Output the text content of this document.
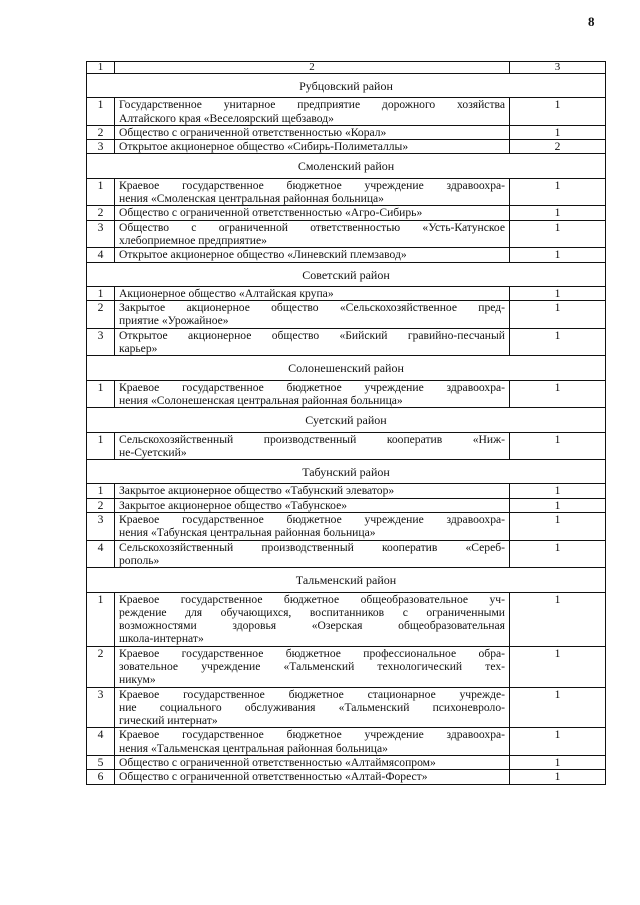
8
1	2	3
Рубцовский район		
1	Государственное унитарное предприятие дорожного хозяйства
Алтайского края «Веселоярский щебзавод»	1
2	Общество с ограниченной ответственностью «Корал»	1
3	Открытое акционерное общество «Сибирь-Полиметаллы»	2
Смоленский район		
1	Краевое государственное бюджетное учреждение здравоохра-
нения «Смоленская центральная районная больница»	1
2	Общество с ограниченной ответственностью «Агро-Сибирь»	1
3	Общество с ограниченной ответственностью «Усть-Катунское
хлебоприемное предприятие»	1
4	Открытое акционерное общество «Линевский племзавод»	1
Советский район		
1	Акционерное общество «Алтайская крупа»	1
2	Закрытое акционерное общество «Сельскохозяйственное пред-
приятие «Урожайное»	1
3	Открытое акционерное общество «Бийский гравийно-песчаный
карьер»	1
Солонешенский район		
1	Краевое государственное бюджетное учреждение здравоохра-
нения «Солонешенская центральная районная больница»	1
Суетский район		
1	Сельскохозяйственный производственный кооператив «Ниж-
не-Суетский»	1
Табунский район		
1	Закрытое акционерное общество «Табунский элеватор»	1
2	Закрытое акционерное общество «Табунское»	1
3	Краевое государственное бюджетное учреждение здравоохра-
нения «Табунская центральная районная больница»	1
4	Сельскохозяйственный производственный кооператив «Сереб-
рополь»	1
Тальменский район		
1	Краевое государственное бюджетное общеобразовательное уч-
реждение для обучающихся, воспитанников с ограниченными
возможностями здоровья «Озерская общеобразовательная
школа-интернат»	1
2	Краевое государственное бюджетное профессиональное обра-
зовательное учреждение «Тальменский технологический тех-
никум»	1
3	Краевое государственное бюджетное стационарное учрежде-
ние социального обслуживания «Тальменский психоневроло-
гический интернат»	1
4	Краевое государственное бюджетное учреждение здравоохра-
нения «Тальменская центральная районная больница»	1
5	Общество с ограниченной ответственностью «Алтаймясопром»	1
6	Общество с ограниченной ответственностью «Алтай-Форест»	1
